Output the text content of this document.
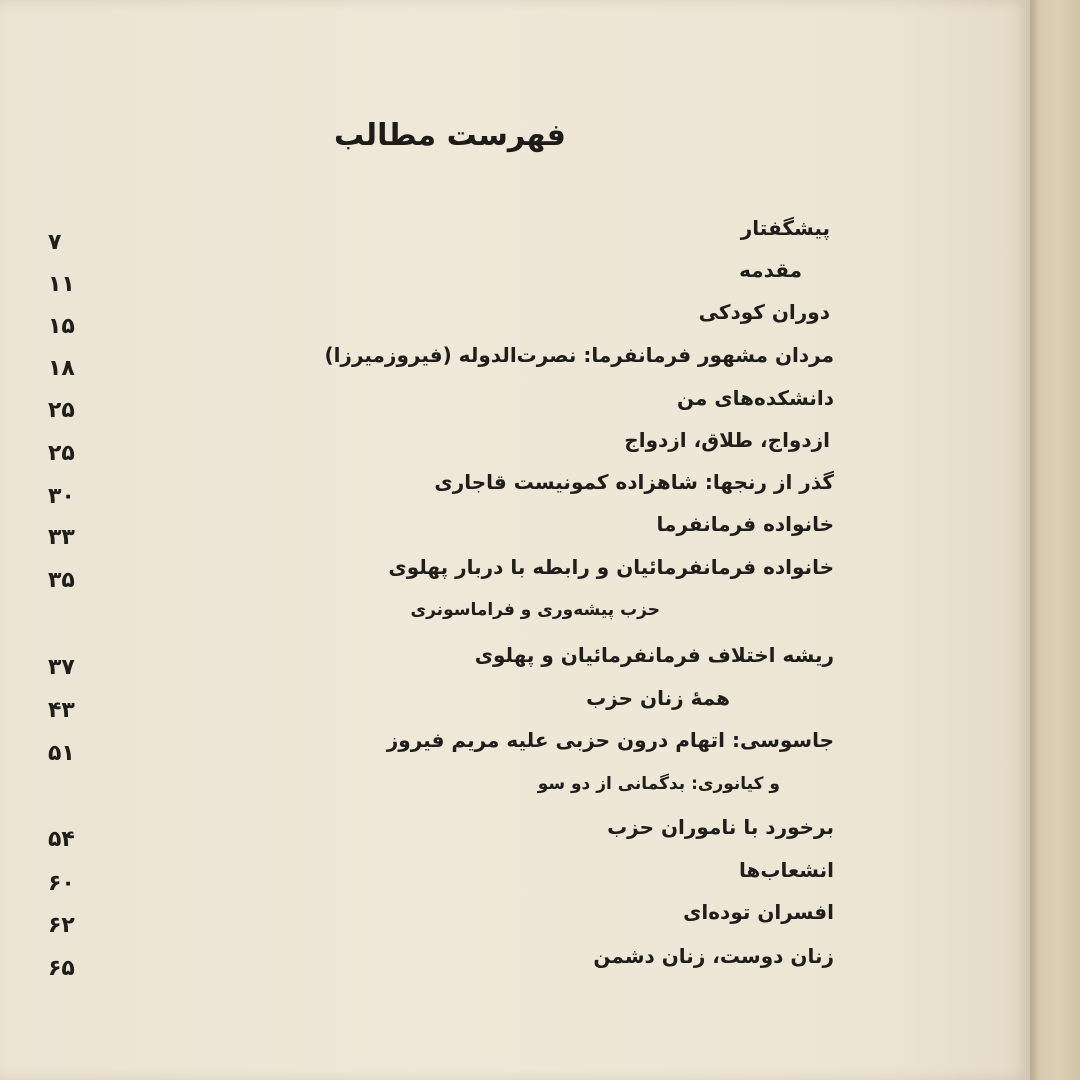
فهرست مطالب
پیشگفتار
۷
مقدمه
۱۱
دوران کودکی
۱۵
مردان مشهور فرمانفرما: نصرت‌الدوله (فیروزمیرزا)
۱۸
دانشکده‌های من
۲۵
ازدواج، طلاق، ازدواج
۲۵
گذر از رنجها: شاهزاده کمونیست قاجاری
۳۰
خانواده فرمانفرما
۳۳
خانواده فرمانفرمائیان و رابطه با دربار پهلوی
۳۵
حزب پیشه‌وری و فراماسونری
ریشه اختلاف فرمانفرمائیان و پهلوی
۳۷
همهٔ زنان حزب
۴۳
جاسوسی: اتهام درون حزبی علیه مریم فیروز
۵۱
و کیانوری: بدگمانی از دو سو
برخورد با ناموران حزب
۵۴
انشعاب‌ها
۶۰
افسران توده‌ای
۶۲
زنان دوست، زنان دشمن
۶۵
